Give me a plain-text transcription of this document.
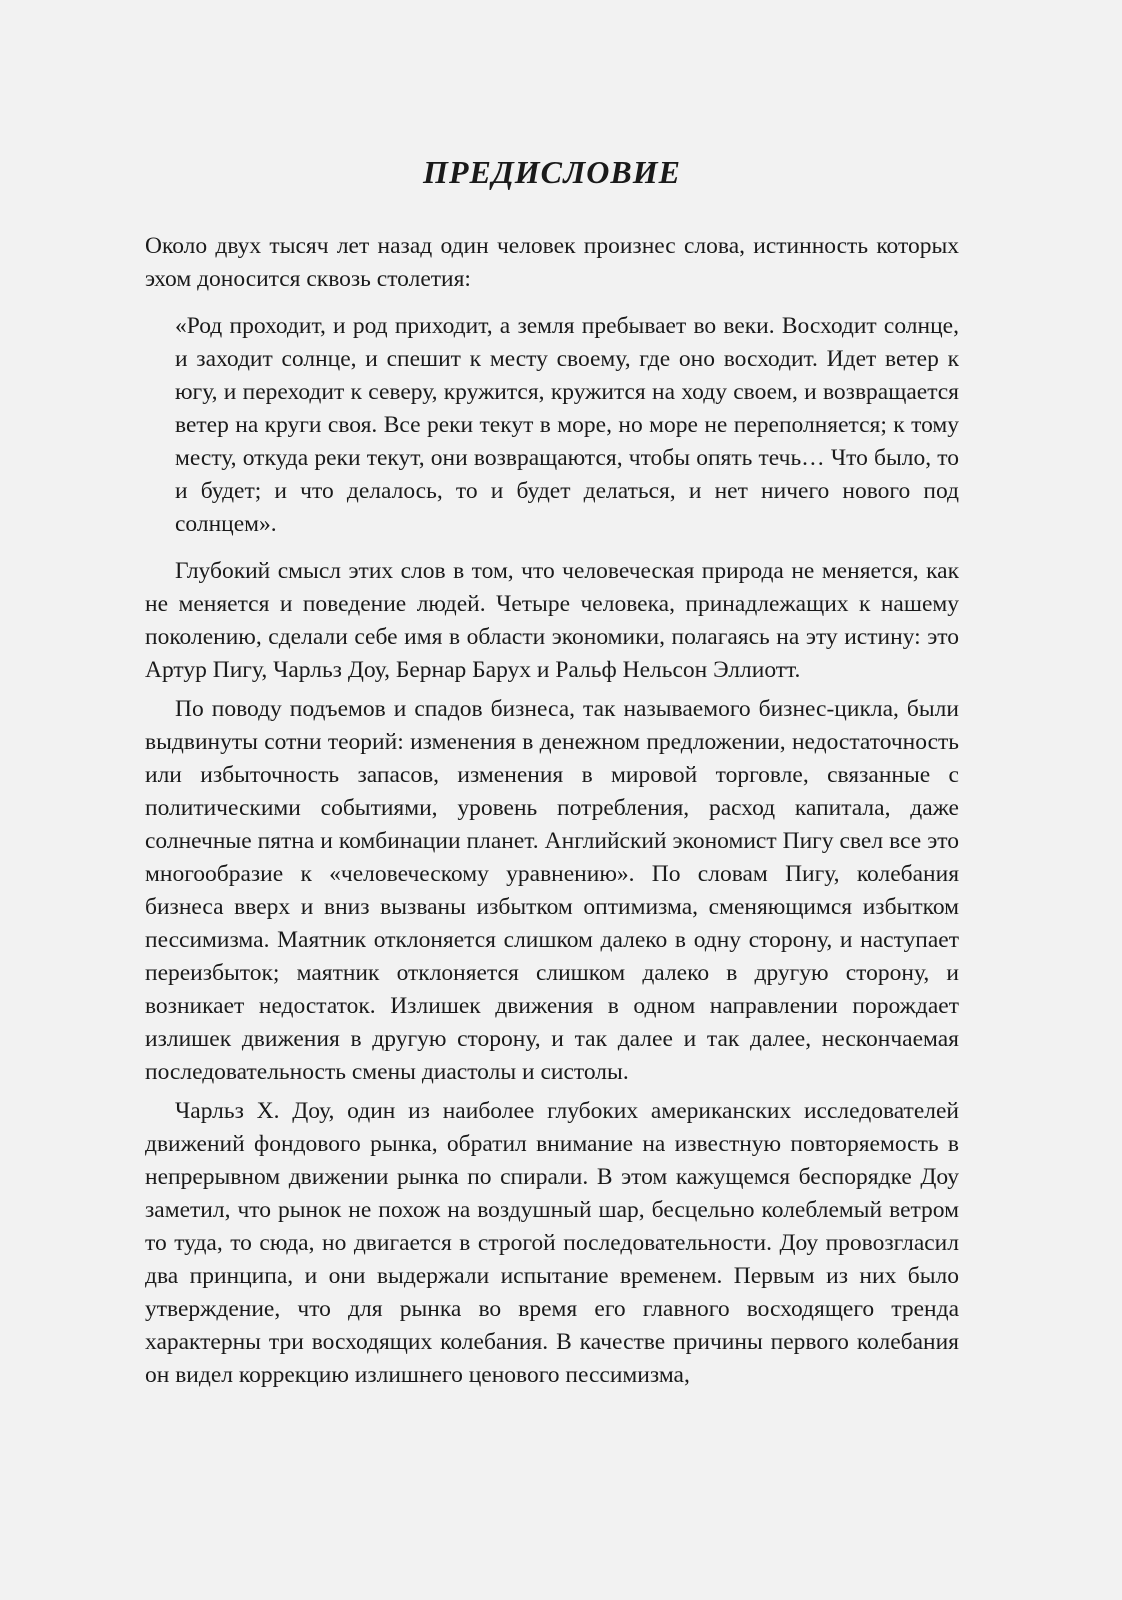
ПРЕДИСЛОВИЕ

Около двух тысяч лет назад один человек произнес слова, истинность которых эхом доносится сквозь столетия:

«Род проходит, и род приходит, а земля пребывает во веки. Восходит солнце, и заходит солнце, и спешит к месту своему, где оно восходит. Идет ветер к югу, и переходит к северу, кружится, кружится на ходу своем, и возвращается ветер на круги своя. Все реки текут в море, но море не переполняется; к тому месту, откуда реки текут, они возвращаются, чтобы опять течь… Что было, то и будет; и что делалось, то и будет делаться, и нет ничего нового под солнцем».

Глубокий смысл этих слов в том, что человеческая природа не меняется, как не меняется и поведение людей. Четыре человека, принадлежащих к нашему поколению, сделали себе имя в области экономики, полагаясь на эту истину: это Артур Пигу, Чарльз Доу, Бернар Барух и Ральф Нельсон Эллиотт.

По поводу подъемов и спадов бизнеса, так называемого бизнес-цикла, были выдвинуты сотни теорий: изменения в денежном предложении, недостаточность или избыточность запасов, изменения в мировой торговле, связанные с политическими событиями, уровень потребления, расход капитала, даже солнечные пятна и комбинации планет. Английский экономист Пигу свел все это многообразие к «человеческому уравнению». По словам Пигу, колебания бизнеса вверх и вниз вызваны избытком оптимизма, сменяющимся избытком пессимизма. Маятник отклоняется слишком далеко в одну сторону, и наступает переизбыток; маятник отклоняется слишком далеко в другую сторону, и возникает недостаток. Излишек движения в одном направлении порождает излишек движения в другую сторону, и так далее и так далее, нескончаемая последовательность смены диастолы и систолы.

Чарльз Х. Доу, один из наиболее глубоких американских исследователей движений фондового рынка, обратил внимание на известную повторяемость в непрерывном движении рынка по спирали. В этом кажущемся беспорядке Доу заметил, что рынок не похож на воздушный шар, бесцельно колеблемый ветром то туда, то сюда, но двигается в строгой последовательности. Доу провозгласил два принципа, и они выдержали испытание временем. Первым из них было утверждение, что для рынка во время его главного восходящего тренда характерны три восходящих колебания. В качестве причины первого колебания он видел коррекцию излишнего ценового пессимизма,
